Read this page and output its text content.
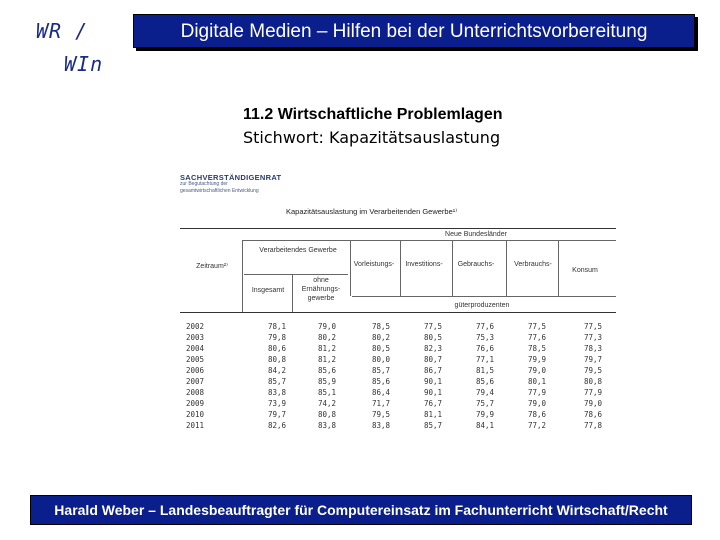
WR /
WIn
Digitale Medien – Hilfen bei der Unterrichtsvorbereitung
11.2 Wirtschaftliche Problemlagen
Stichwort: Kapazitätsauslastung
SACHVERSTÄNDIGENRAT
zur Begutachtung der
gesamtwirtschaftlichen Entwicklung
Kapazitätsauslastung im Verarbeitenden Gewerbe¹⁾
Neue Bundesländer
Zeitraum²⁾
Verarbeitendes Gewerbe
Insgesamt
ohne Ernährungs-gewerbe
Vorleistungs-	Investitions-	Gebrauchs-	Verbrauchs-
Konsum
güterproduzenten
2002	78,1	79,0	78,5	77,5	77,6	77,5	77,5
2003	79,8	80,2	80,2	80,5	75,3	77,6	77,3
2004	80,6	81,2	80,5	82,3	76,6	78,5	78,3
2005	80,8	81,2	80,0	80,7	77,1	79,9	79,7
2006	84,2	85,6	85,7	86,7	81,5	79,0	79,5
2007	85,7	85,9	85,6	90,1	85,6	80,1	80,8
2008	83,8	85,1	86,4	90,1	79,4	77,9	77,9
2009	73,9	74,2	71,7	76,7	75,7	79,0	79,0
2010	79,7	80,8	79,5	81,1	79,9	78,6	78,6
2011	82,6	83,8	83,8	85,7	84,1	77,2	77,8
Harald Weber – Landesbeauftragter für Computereinsatz im Fachunterricht Wirtschaft/Recht
